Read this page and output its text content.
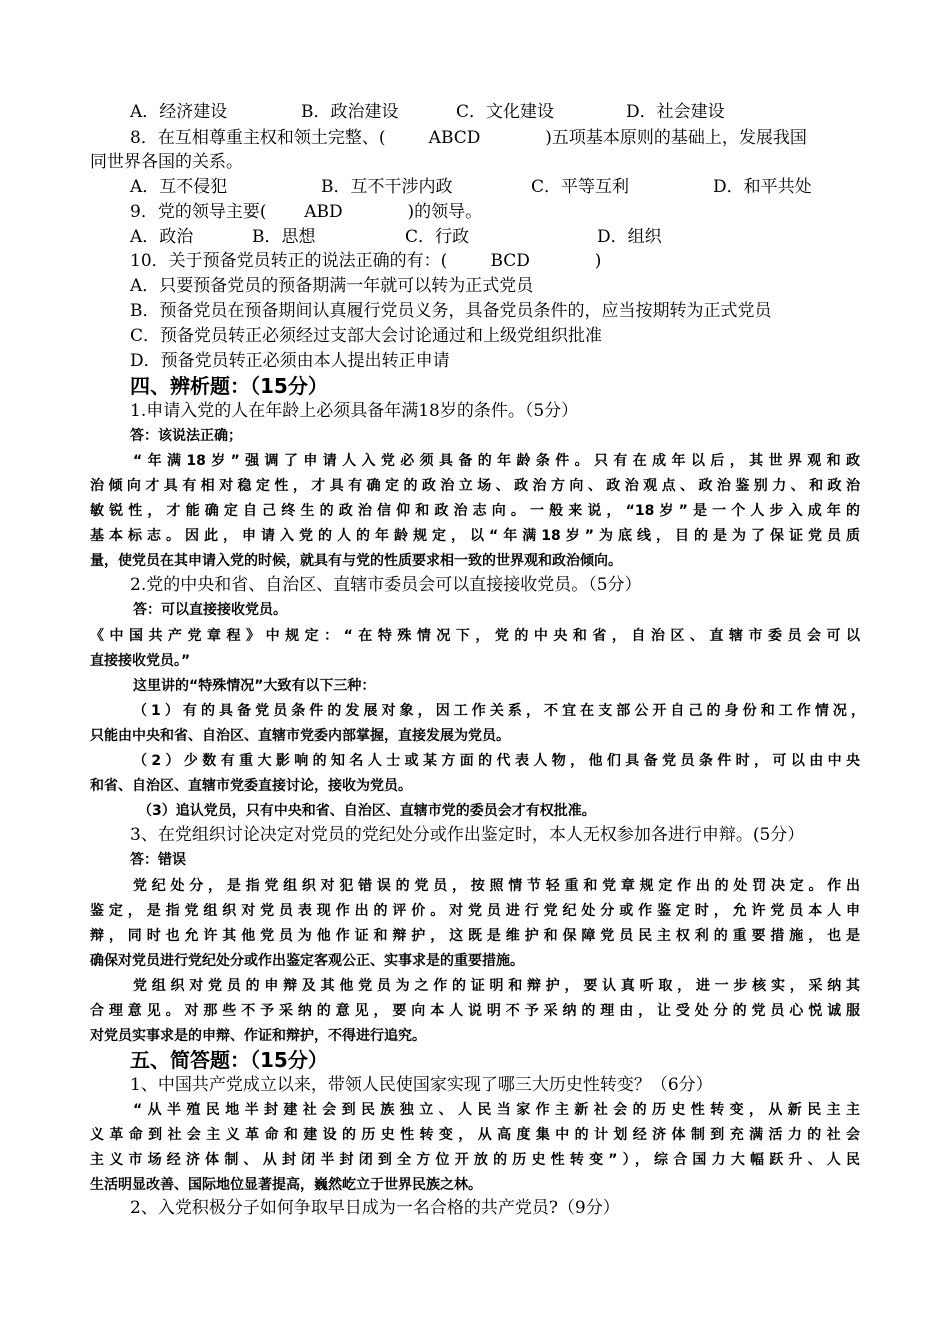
A．经济建设	B．政治建设	C．文化建设	D．社会建设
8．在互相尊重主权和领土完整、(        ABCD            )五项基本原则的基础上，发展我国
同世界各国的关系。
A．互不侵犯	B．互不干涉内政	C．平等互利	D．和平共处
9．党的领导主要(       ABD            )的领导。
A．政治	B．思想	C．行政	D．组织
10．关于预备党员转正的说法正确的有：(        BCD            )
A．只要预备党员的预备期满一年就可以转为正式党员
B．预备党员在预备期间认真履行党员义务，具备党员条件的，应当按期转为正式党员
C．预备党员转正必须经过支部大会讨论通过和上级党组织批准
D．预备党员转正必须由本人提出转正申请
四、辨析题：（15分）
1.申请入党的人在年龄上必须具备年满18岁的条件。（5分）
答：该说法正确；
“年满18岁”强调了申请人入党必须具备的年龄条件。只有在成年以后，其世界观和政
治倾向才具有相对稳定性，才具有确定的政治立场、政治方向、政治观点、政治鉴别力、和政治
敏锐性，才能确定自己终生的政治信仰和政治志向。一般来说，“18岁”是一个人步入成年的
基本标志。因此，申请入党的人的年龄规定，以“年满18岁”为底线，目的是为了保证党员质
量，使党员在其申请入党的时候，就具有与党的性质要求相一致的世界观和政治倾向。
2.党的中央和省、自治区、直辖市委员会可以直接接收党员。（5分）
答：可以直接接收党员。
《中国共产党章程》中规定：“在特殊情况下，党的中央和省，自治区、直辖市委员会可以
直接接收党员。”
这里讲的“特殊情况”大致有以下三种：
（1）有的具备党员条件的发展对象，因工作关系，不宜在支部公开自己的身份和工作情况，
只能由中央和省、自治区、直辖市党委内部掌握，直接发展为党员。
（2）少数有重大影响的知名人士或某方面的代表人物，他们具备党员条件时，可以由中央
和省、自治区、直辖市党委直接讨论，接收为党员。
（3）追认党员，只有中央和省、自治区、直辖市党的委员会才有权批准。
3、在党组织讨论决定对党员的党纪处分或作出鉴定时，本人无权参加各进行申辩。(5分）
答：错误
党纪处分，是指党组织对犯错误的党员，按照情节轻重和党章规定作出的处罚决定。作出
鉴定，是指党组织对党员表现作出的评价。对党员进行党纪处分或作鉴定时，允许党员本人申
辩，同时也允许其他党员为他作证和辩护，这既是维护和保障党员民主权利的重要措施，也是
确保对党员进行党纪处分或作出鉴定客观公正、实事求是的重要措施。
党组织对党员的申辩及其他党员为之作的证明和辩护，要认真听取，进一步核实，采纳其
合理意见。对那些不予采纳的意见，要向本人说明不予采纳的理由，让受处分的党员心悦诚服
对党员实事求是的申辩、作证和辩护，不得进行追究。
五、简答题：（15分）
1、中国共产党成立以来，带领人民使国家实现了哪三大历史性转变？（6分）
“从半殖民地半封建社会到民族独立、人民当家作主新社会的历史性转变，从新民主主
义革命到社会主义革命和建设的历史性转变，从高度集中的计划经济体制到充满活力的社会
主义市场经济体制、从封闭半封闭到全方位开放的历史性转变”），综合国力大幅跃升、人民
生活明显改善、国际地位显著提高，巍然屹立于世界民族之林。
2、入党积极分子如何争取早日成为一名合格的共产党员?（9分）
